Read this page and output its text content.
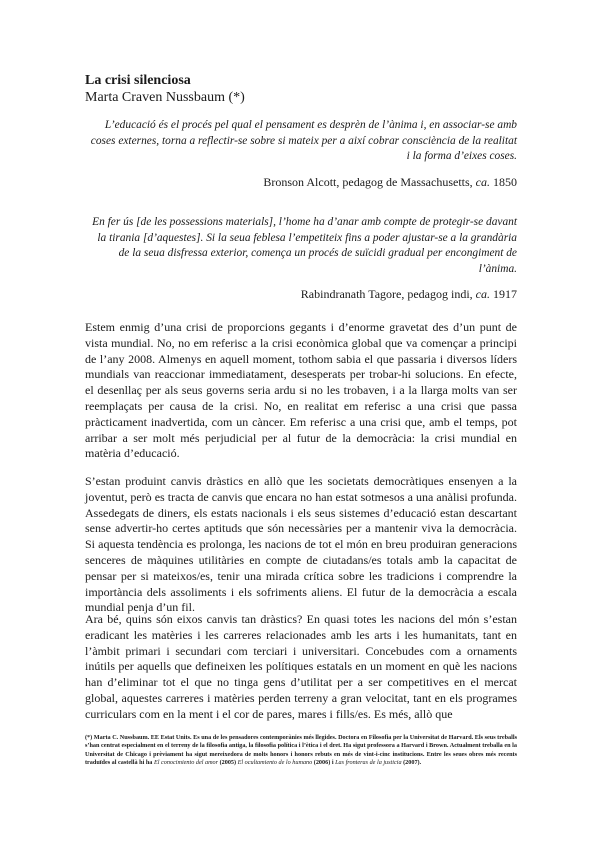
La crisi silenciosa
Marta Craven Nussbaum (*)

L’educació és el procés pel qual el pensament es desprèn de l’ànima i, en associar-se amb coses externes, torna a reflectir-se sobre si mateix per a així cobrar consciència de la realitat i la forma d’eixes coses.

Bronson Alcott, pedagog de Massachusetts, ca. 1850

En fer ús [de les possessions materials], l’home ha d’anar amb compte de protegir-se davant la tirania [d’aquestes]. Si la seua feblesa l’empetiteix fins a poder ajustar-se a la grandària de la seua disfressa exterior, comença un procés de suïcidi gradual per encongiment de l’ànima.

Rabindranath Tagore, pedagog indi, ca. 1917

Estem enmig d’una crisi de proporcions gegants i d’enorme gravetat des d’un punt de vista mundial. No, no em referisc a la crisi econòmica global que va començar a principi de l’any 2008. Almenys en aquell moment, tothom sabia el que passaria i diversos líders mundials van reaccionar immediatament, desesperats per trobar-hi solucions. En efecte, el desenllaç per als seus governs seria ardu si no les trobaven, i a la llarga molts van ser reemplaçats per causa de la crisi. No, en realitat em referisc a una crisi que passa pràcticament inadvertida, com un càncer. Em referisc a una crisi que, amb el temps, pot arribar a ser molt més perjudicial per al futur de la democràcia: la crisi mundial en matèria d’educació.

S’estan produint canvis dràstics en allò que les societats democràtiques ensenyen a la joventut, però es tracta de canvis que encara no han estat sotmesos a una anàlisi profunda. Assedegats de diners, els estats nacionals i els seus sistemes d’educació estan descartant sense advertir-ho certes aptituds que són necessàries per a mantenir viva la democràcia. Si aquesta tendència es prolonga, les nacions de tot el món en breu produiran generacions senceres de màquines utilitàries en compte de ciutadans/es totals amb la capacitat de pensar per si mateixos/es, tenir una mirada crítica sobre les tradicions i comprendre la importància dels assoliments i els sofriments aliens. El futur de la democràcia a escala mundial penja d’un fil.

Ara bé, quins són eixos canvis tan dràstics? En quasi totes les nacions del món s’estan eradicant les matèries i les carreres relacionades amb les arts i les humanitats, tant en l’àmbit primari i secundari com terciari i universitari. Concebudes com a ornaments inútils per aquells que defineixen les polítiques estatals en un moment en què les nacions han d’eliminar tot el que no tinga gens d’utilitat per a ser competitives en el mercat global, aquestes carreres i matèries perden terreny a gran velocitat, tant en els programes curriculars com en la ment i el cor de pares, mares i fills/es. Es més, allò que

(*) Marta C. Nussbaum. EE Estat Units. Es una de les pensadores contemporànies més llegides. Doctora en Filosofia per la Universitat de Harvard. Els seus treballs s’han centrat especialment en el terreny de la filosofia antiga, la filosofia política i l’ètica i el dret. Ha sigut professora a Harvard i Brown. Actualment treballa en la Universitat de Chicago i prèviament ha sigut mereixedora de molts honors i honors rebuts en més de vint-i-cinc institucions. Entre les seues obres més recents traduïdes al castellà hi ha El conocimiento del amor (2005) El ocultamiento de lo humano (2006) i Las fronteras de la justicia (2007).
